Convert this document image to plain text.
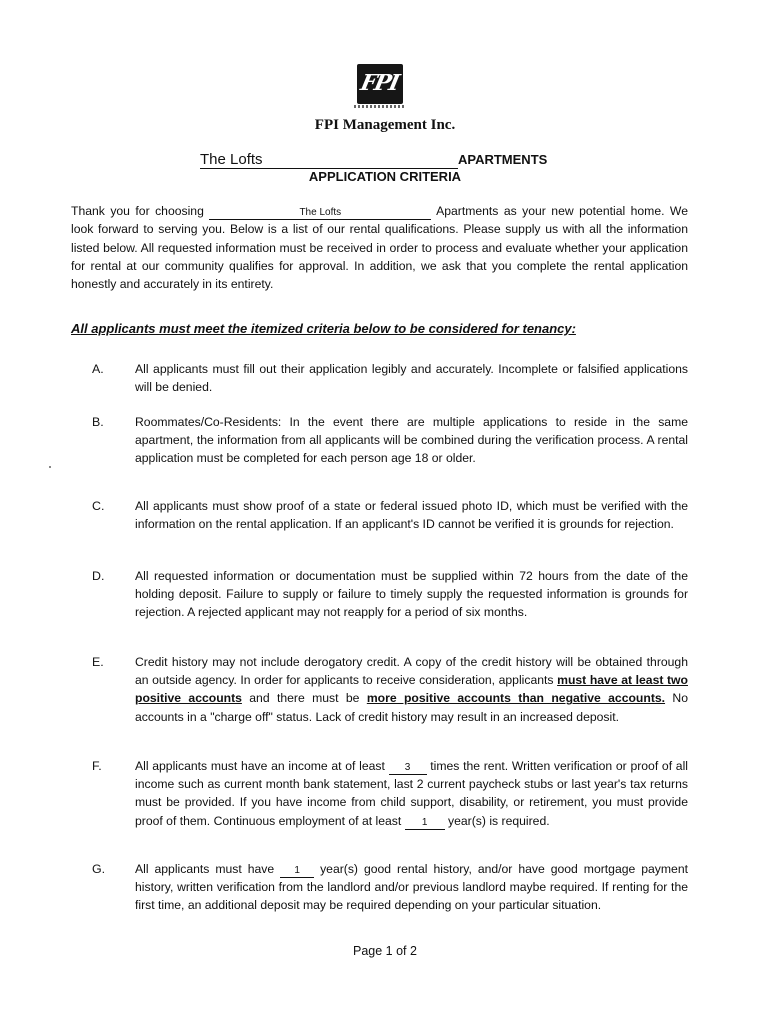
FPI
FPI Management Inc.
The Lofts	APARTMENTS
APPLICATION CRITERIA
Thank you for choosing	The Lofts	Apartments as your new potential home. We look forward to serving you. Below is a list of our rental qualifications. Please supply us with all the information listed below. All requested information must be received in order to process and evaluate whether your application for rental at our community qualifies for approval. In addition, we ask that you complete the rental application honestly and accurately in its entirety.
All applicants must meet the itemized criteria below to be considered for tenancy:
A.	All applicants must fill out their application legibly and accurately. Incomplete or falsified applications will be denied.
B.	Roommates/Co-Residents: In the event there are multiple applications to reside in the same apartment, the information from all applicants will be combined during the verification process. A rental application must be completed for each person age 18 or older.
C.	All applicants must show proof of a state or federal issued photo ID, which must be verified with the information on the rental application. If an applicant's ID cannot be verified it is grounds for rejection.
D.	All requested information or documentation must be supplied within 72 hours from the date of the holding deposit. Failure to supply or failure to timely supply the requested information is grounds for rejection. A rejected applicant may not reapply for a period of six months.
E.	Credit history may not include derogatory credit. A copy of the credit history will be obtained through an outside agency. In order for applicants to receive consideration, applicants must have at least two positive accounts and there must be more positive accounts than negative accounts. No accounts in a "charge off" status. Lack of credit history may result in an increased deposit.
F.	All applicants must have an income at of least 3 times the rent. Written verification or proof of all income such as current month bank statement, last 2 current paycheck stubs or last year's tax returns must be provided. If you have income from child support, disability, or retirement, you must provide proof of them. Continuous employment of at least 1 year(s) is required.
G. All applicants must have 1 year(s) good rental history, and/or have good mortgage payment history, written verification from the landlord and/or previous landlord maybe required. If renting for the first time, an additional deposit may be required depending on your particular situation.
Page 1 of 2
